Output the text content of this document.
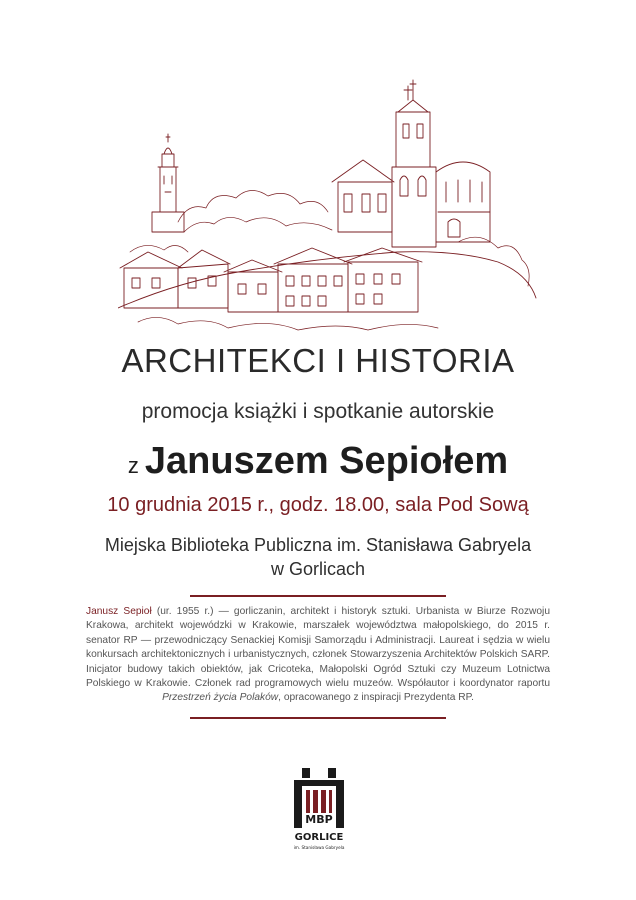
ARCHITEKCI I HISTORIA
promocja książki i spotkanie autorskie
z Januszem Sepiołem
10 grudnia 2015 r., godz. 18.00, sala Pod Sową
Miejska Biblioteka Publiczna im. Stanisława Gabryela
w Gorlicach
Janusz Sepioł (ur. 1955 r.) — gorliczanin, architekt i historyk sztuki. Urbanista w Biurze Rozwoju Krakowa, architekt wojewódzki w Krakowie, marszałek województwa małopolskiego, do 2015 r. senator RP — przewodniczący Senackiej Komisji Samorządu i Administracji. Laureat i sędzia w wielu konkursach architektonicznych i urbanistycznych, członek Stowarzyszenia Architektów Polskich SARP. Inicjator budowy takich obiektów, jak Cricoteka, Małopolski Ogród Sztuki czy Muzeum Lotnictwa Polskiego w Krakowie. Członek rad programowych wielu muzeów. Współautor i koordynator raportu Przestrzeń życia Polaków, opracowanego z inspiracji Prezydenta RP.
MBP
GORLICE
im. Stanisława Gabryela
